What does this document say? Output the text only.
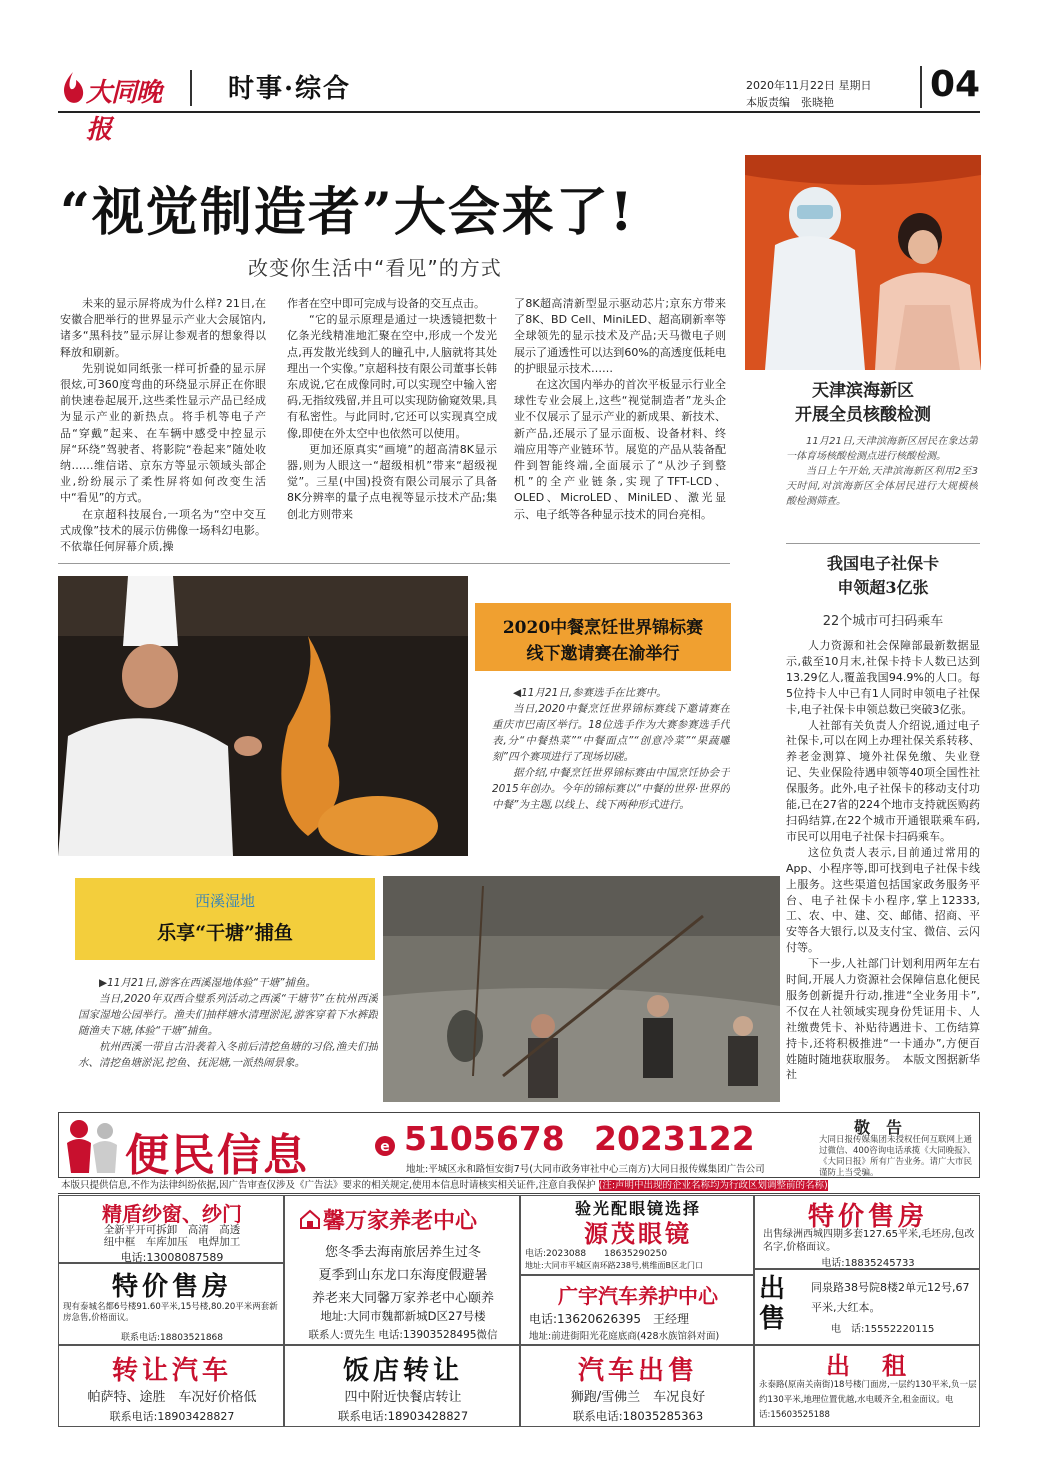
大同晚报
时事·综合	2020年11月22日 星期日
本版责编　张晓艳	04
“视觉制造者”大会来了!
改变你生活中“看见”的方式

未来的显示屏将成为什么样? 21日,在安徽合肥举行的世界显示产业大会展馆内,诸多“黑科技”显示屏让参观者的想象得以释放和刷新。

先别说如同纸张一样可折叠的显示屏很炫,可360度弯曲的环绕显示屏正在你眼前快速卷起展开,这些柔性显示产品已经成为显示产业的新热点。将手机等电子产品“穿戴”起来、在车辆中感受中控显示屏“环绕”驾驶者、将影院“卷起来”随处收纳……维信诺、京东方等显示领域头部企业,纷纷展示了柔性屏将如何改变生活中“看见”的方式。

在京超科技展台,一项名为“空中交互式成像”技术的展示仿佛像一场科幻电影。不依靠任何屏幕介质,操

作者在空中即可完成与设备的交互点击。

“它的显示原理是通过一块透镜把数十亿条光线精准地汇聚在空中,形成一个发光点,再发散光线到人的瞳孔中,人脑就将其处理出一个实像。”京超科技有限公司董事长韩东成说,它在成像同时,可以实现空中输入密码,无指纹残留,并且可以实现防偷窥效果,具有私密性。与此同时,它还可以实现真空成像,即使在外太空中也依然可以使用。

更加还原真实“画境”的超高清8K显示器,则为人眼这一“超级相机”带来“超级视觉”。三星(中国)投资有限公司展示了具备8K分辨率的量子点电视等显示技术产品;集创北方则带来

了8K超高清新型显示驱动芯片;京东方带来了8K、BD Cell、MiniLED、超高刷新率等全球领先的显示技术及产品;天马微电子则展示了通透性可以达到60%的高透度低耗电的护眼显示技术……

在这次国内举办的首次平板显示行业全球性专业会展上,这些“视觉制造者”龙头企业不仅展示了显示产业的新成果、新技术、新产品,还展示了显示面板、设备材料、终端应用等产业链环节。展览的产品从装备配件到智能终端,全面展示了“从沙子到整机”的全产业链条,实现了TFT-LCD、OLED、MicroLED、MiniLED、激光显示、电子纸等各种显示技术的同台亮相。

天津滨海新区
开展全员核酸检测

11月21日,天津滨海新区居民在象达第一体育场核酸检测点进行核酸检测。

当日上午开始,天津滨海新区利用2至3天时间,对滨海新区全体居民进行大规模核酸检测筛查。

我国电子社保卡
申领超3亿张
22个城市可扫码乘车

人力资源和社会保障部最新数据显示,截至10月末,社保卡持卡人数已达到13.29亿人,覆盖我国94.9%的人口。每5位持卡人中已有1人同时申领电子社保卡,电子社保卡申领总数已突破3亿张。

人社部有关负责人介绍说,通过电子社保卡,可以在网上办理社保关系转移、养老金测算、境外社保免缴、失业登记、失业保险待遇申领等40项全国性社保服务。此外,电子社保卡的移动支付功能,已在27省的224个地市支持就医购药扫码结算,在22个城市开通银联乘车码,市民可以用电子社保卡扫码乘车。

这位负责人表示,目前通过常用的App、小程序等,即可找到电子社保卡线上服务。这些渠道包括国家政务服务平台、电子社保卡小程序,掌上12333,工、农、中、建、交、邮储、招商、平安等各大银行,以及支付宝、微信、云闪付等。

下一步,人社部门计划利用两年左右时间,开展人力资源社会保障信息化便民服务创新提升行动,推进“全业务用卡”,不仅在人社领域实现身份凭证用卡、人社缴费凭卡、补贴待遇进卡、工伤结算持卡,还将积极推进“一卡通办”,方便百姓随时随地获取服务。　本版文图据新华社

2020中餐烹饪世界锦标赛
线下邀请赛在渝举行

◀11月21日,参赛选手在比赛中。

当日,2020中餐烹饪世界锦标赛线下邀请赛在重庆市巴南区举行。18位选手作为大赛参赛选手代表,分“中餐热菜”“中餐面点”“创意冷菜”“果蔬雕刻”四个赛项进行了现场切磋。

据介绍,中餐烹饪世界锦标赛由中国烹饪协会于2015年创办。今年的锦标赛以“中餐的世界·世界的中餐”为主题,以线上、线下两种形式进行。

西溪湿地
乐享“干塘”捕鱼

▶11月21日,游客在西溪湿地体验“干塘”捕鱼。

当日,2020年双西合璧系列活动之西溪“干塘节”在杭州西溪国家湿地公园举行。渔夫们抽样塘水清理淤泥,游客穿着下水裤跟随渔夫下塘,体验“干塘”捕鱼。

杭州西溪一带自古沿袭着入冬前后清挖鱼塘的习俗,渔夫们抽水、清挖鱼塘淤泥,挖鱼、抚泥塘,一派热闹景象。

便民信息	e 5105678 2023122
地址:平城区永和路恒安街7号(大同市政务审社中心三南方)大同日报传媒集团广告公司
敬　告
大同日报传媒集团未授权任何互联网上通过微信、400咨询电话承揽《大同晚报》、《大同日报》所有广告业务。请广大市民谨防上当受骗。
本版只提供信息,不作为法律纠纷依据,因广告审查仅涉及《广告法》要求的相关规定,使用本信息时请核实相关证件,注意自我保护 (注:声明中出现的企业名称均为行政区划调整前的名称)
精盾纱窗、纱门
全新平开可拆卸　高清　高透
纽中框　车库加压　电焊加工
电话:13008087589
特价售房
现有泰城名都6号楼91.60平米,15号楼,80.20平米两套新房急售,价格面议。
联系电话:18803521868
馨万家养老中心
您冬季去海南旅居养生过冬
夏季到山东龙口东海度假避暑
养老来大同馨万家养老中心颐养
地址:大同市魏都新城D区27号楼
联系人:贾先生 电话:13903528495微信
验光配眼镜选择
源茂眼镜
电话:2023088　　18635290250
地址:大同市平城区南环路238号,桃维面B区北门口
广宇汽车养护中心
电话:13620626395　王经理
地址:前进街阳光花庭底商(428水族馆斜对面)
特价售房
出售绿洲西城四期多套127.65平米,毛坯房,包改名字,价格面议。
电话:18835245733
出售
同泉路38号院8楼2单元12号,67平米,大红本。
电　话:15552220115
转让汽车
帕萨特、途胜　车况好价格低
联系电话:18903428827
饭店转让
四中附近快餐店转让
联系电话:18903428827
汽车出售
狮跑/雪佛兰　车况良好
联系电话:18035285363
出　租
永泰路(原南关南街)18号楼门面房,一层约130平米,负一层约130平米,地理位置优越,水电暖齐全,租金面议。电话:15603525188
